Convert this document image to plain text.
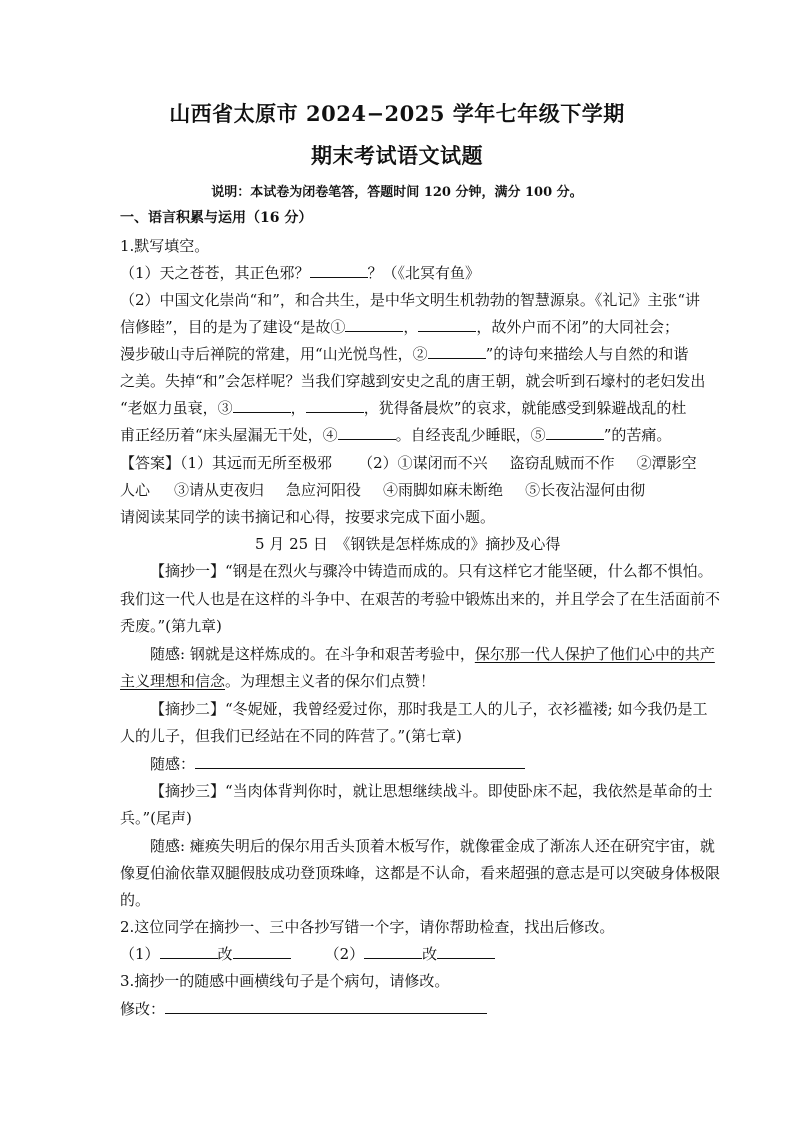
山西省太原市 2024−2025 学年七年级下学期
期末考试语文试题
说明：本试卷为闭卷笔答，答题时间 120 分钟，满分 100 分。
一、语言积累与运用（16 分）
1.默写填空。
（1）天之苍苍，其正色邪？	？（《北冥有鱼》
（2）中国文化崇尚“和”，和合共生，是中华文明生机勃勃的智慧源泉。《礼记》主张“讲
信修睦”，目的是为了建设“是故①	，	，故外户而不闭”的大同社会；
漫步破山寺后禅院的常建，用“山光悦鸟性，②	”的诗句来描绘人与自然的和谐
之美。失掉“和”会怎样呢？当我们穿越到安史之乱的唐王朝，就会听到石壕村的老妇发出
“老妪力虽衰，③	，	，犹得备晨炊”的哀求，就能感受到躲避战乱的杜
甫正经历着“床头屋漏无干处，④	。自经丧乱少睡眠，⑤	”的苦痛。
【答案】（1）其远而无所至极邪 （2）①谋闭而不兴 盗窃乱贼而不作 ②潭影空
人心 ③请从吏夜归 急应河阳役 ④雨脚如麻未断绝 ⑤长夜沾湿何由彻
请阅读某同学的读书摘记和心得，按要求完成下面小题。
5 月 25 日　《钢铁是怎样炼成的》摘抄及心得
【摘抄一】“钢是在烈火与骤冷中铸造而成的。只有这样它才能坚硬，什么都不惧怕。
我们这一代人也是在这样的斗争中、在艰苦的考验中锻炼出来的，并且学会了在生活面前不
秃废。”(第九章)
随感: 钢就是这样炼成的。在斗争和艰苦考验中，保尔那一代人保护了他们心中的共产
主义理想和信念。为理想主义者的保尔们点赞！
【摘抄二】“冬妮娅，我曾经爱过你，那时我是工人的儿子，衣衫褴褛; 如今我仍是工
人的儿子，但我们已经站在不同的阵营了。”(第七章)
随感：
【摘抄三】“当肉体背判你时，就让思想继续战斗。即使卧床不起，我依然是革命的士
兵。”(尾声)
随感: 瘫痪失明后的保尔用舌头顶着木板写作，就像霍金成了渐冻人还在研究宇宙，就
像夏伯渝依靠双腿假肢成功登顶珠峰，这都是不认命，看来超强的意志是可以突破身体极限
的。
2.这位同学在摘抄一、三中各抄写错一个字，请你帮助检查，找出后修改。
（1）	改	（2）	改
3.摘抄一的随感中画横线句子是个病句，请修改。
修改：
